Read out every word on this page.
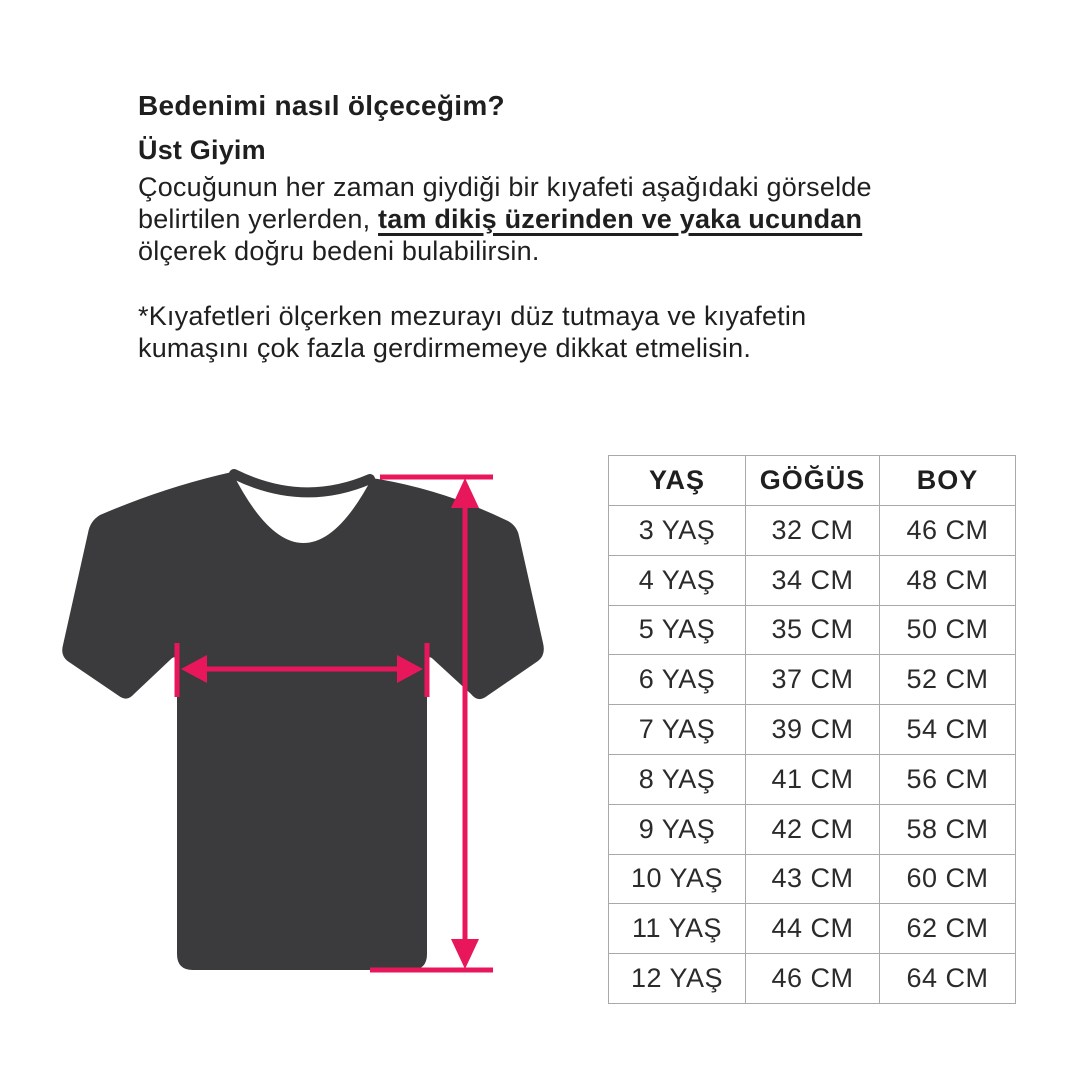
Bedenimi nasıl ölçeceğim?
Üst Giyim
Çocuğunun her zaman giydiği bir kıyafeti aşağıdaki görselde
belirtilen yerlerden, tam dikiş üzerinden ve yaka ucundan
ölçerek doğru bedeni bulabilirsin.
*Kıyafetleri ölçerken mezurayı düz tutmaya ve kıyafetin
kumaşını çok fazla gerdirmemeye dikkat etmelisin.
YAŞ	GÖĞÜS	BOY
3 YAŞ	32 CM	46 CM
4 YAŞ	34 CM	48 CM
5 YAŞ	35 CM	50 CM
6 YAŞ	37 CM	52 CM
7 YAŞ	39 CM	54 CM
8 YAŞ	41 CM	56 CM
9 YAŞ	42 CM	58 CM
10 YAŞ	43 CM	60 CM
11 YAŞ	44 CM	62 CM
12 YAŞ	46 CM	64 CM
